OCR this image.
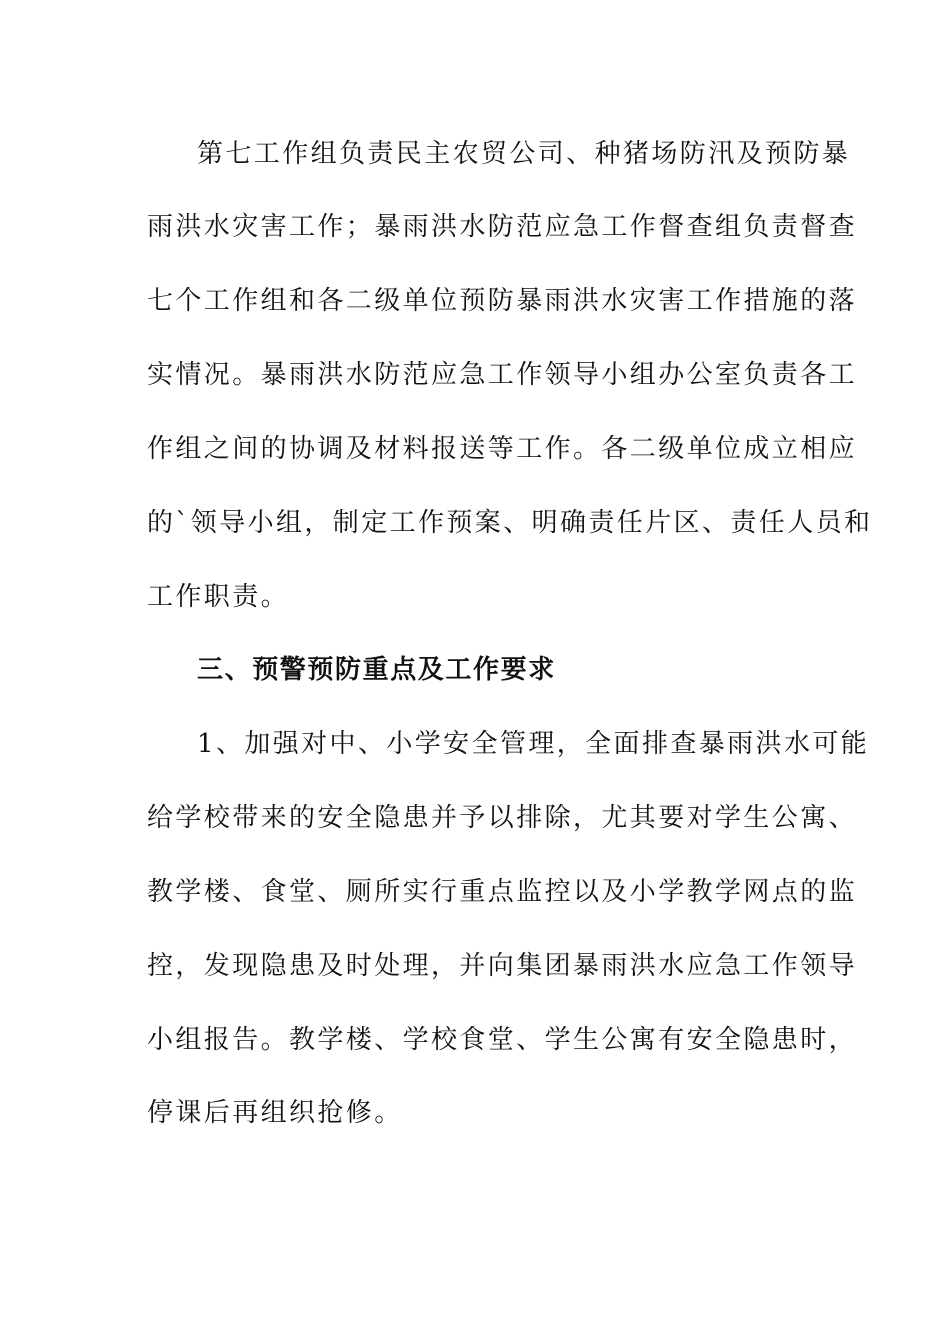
第七工作组负责民主农贸公司、种猪场防汛及预防暴
雨洪水灾害工作；暴雨洪水防范应急工作督查组负责督查
七个工作组和各二级单位预防暴雨洪水灾害工作措施的落
实情况。暴雨洪水防范应急工作领导小组办公室负责各工
作组之间的协调及材料报送等工作。各二级单位成立相应
的`领导小组，制定工作预案、明确责任片区、责任人员和
工作职责。
三、预警预防重点及工作要求
1、加强对中、小学安全管理，全面排查暴雨洪水可能
给学校带来的安全隐患并予以排除，尤其要对学生公寓、
教学楼、食堂、厕所实行重点监控以及小学教学网点的监
控，发现隐患及时处理，并向集团暴雨洪水应急工作领导
小组报告。教学楼、学校食堂、学生公寓有安全隐患时，
停课后再组织抢修。
